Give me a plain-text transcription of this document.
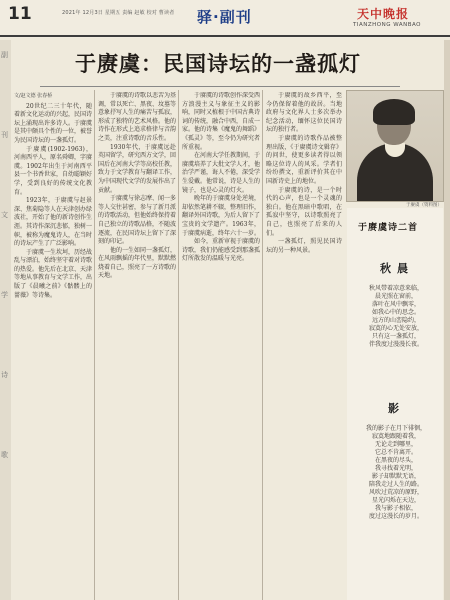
11	2021年 12月3日 星期五 责编 赵敏 校对 曹读者 驿·副刊	天中晚报
TIANZHONG WANBAO
副
刊
文
学
诗
歌
于赓虞：民国诗坛的一盏孤灯
文/赵文德 张春桥

20世纪二三十年代，随着新文化运动的兴起，民国诗坛上涌现出许多诗人。于赓虞是其中颇具个性的一位，被誉为民国诗坛的一盏孤灯。

于赓虞(1902-1963)，河南西平人，原名舜卿，字赓虞。1902年出生于河南西平县一个书香世家，自幼聪颖好学，受到良好的传统文化教育。

1923年，于赓虞与赵景深、焦菊隐等人在天津创办绿波社，开始了他的新诗创作生涯。其诗作深沉悲郁，独树一帜，被称为魔鬼诗人，在当时的诗坛产生了广泛影响。

于赓虞一生坎坷，历经战乱与漂泊，始终坚守着对诗歌的热爱。他先后在北京、天津等地从事教育与文学工作，出版了《晨曦之前》《骷髅上的蔷薇》等诗集。

于赓虞的诗歌以悲苦为基调，常以死亡、黑夜、坟墓等意象抒写人生的痛苦与孤寂，形成了独特的艺术风格。他的诗作在形式上追求格律与音韵之美，注重诗歌的音乐性。

1930年代，于赓虞远赴英国留学，研究西方文学，回国后在河南大学等高校任教，致力于文学教育与翻译工作，为中国现代文学的发展作出了贡献。

于赓虞与徐志摩、闻一多等人交往甚密，参与了新月派的诗歌活动，但他始终保持着自己独立的诗歌品格，不随波逐流，在民国诗坛上留下了深刻的印记。

他的一生如同一盏孤灯，在风雨飘摇的年代里，默默燃烧着自己，照亮了一方诗歌的天地。

于赓虞的诗歌创作深受西方浪漫主义与象征主义的影响，同时又植根于中国古典诗词的传统，融合中西，自成一家。他的诗集《魔鬼的舞蹈》《孤灵》等，至今仍为研究者所重视。

在河南大学任教期间，于赓虞培养了大批文学人才，他治学严谨，诲人不倦，深受学生爱戴。他常说，诗是人生的镜子，也是心灵的灯火。

晚年的于赓虞身处逆境，却依然笔耕不辍，整理旧作，翻译外国诗歌，为后人留下了宝贵的文学遗产。1963年，于赓虞病逝，终年六十一岁。

如今，重新审视于赓虞的诗歌，我们仍能感受到那盏孤灯所散发的温暖与光亮。

于赓虞的故乡西平，至今仍保留着他的故居。当地政府与文化界人士多次举办纪念活动，缅怀这位民国诗坛的独行者。

于赓虞的诗歌作品被整理出版，《于赓虞诗文辑存》的问世，使更多读者得以领略这位诗人的风采。学者们纷纷撰文，重新评价其在中国新诗史上的地位。

于赓虞的诗，是一个时代的心声，也是一个灵魂的独白。他在黑暗中歌唱，在孤寂中坚守，以诗歌照亮了自己，也照亮了后来的人们。

一盏孤灯，照见民国诗坛的另一种风景。

于赓虞（资料图）
于赓虞诗二首
秋晨
秋风带着凉意来临，
晨光照在窗前，
落叶在风中飘零，
如我心中的思念。
远方的山峦隐约，
寂寞的心无处安放，
只有这一盏孤灯，
伴我度过漫漫长夜。
影
我的影子在月下徘徊，
寂寞地跟随着我，
无论走到哪里，
它总不肯离开。
在黑夜的尽头，
我寻找着光明，
影子却默默无语，
陪我走过人生的路。
风吹过荒凉的原野，
星光闪烁在天边，
我与影子相依，
度过这漫长的岁月。
